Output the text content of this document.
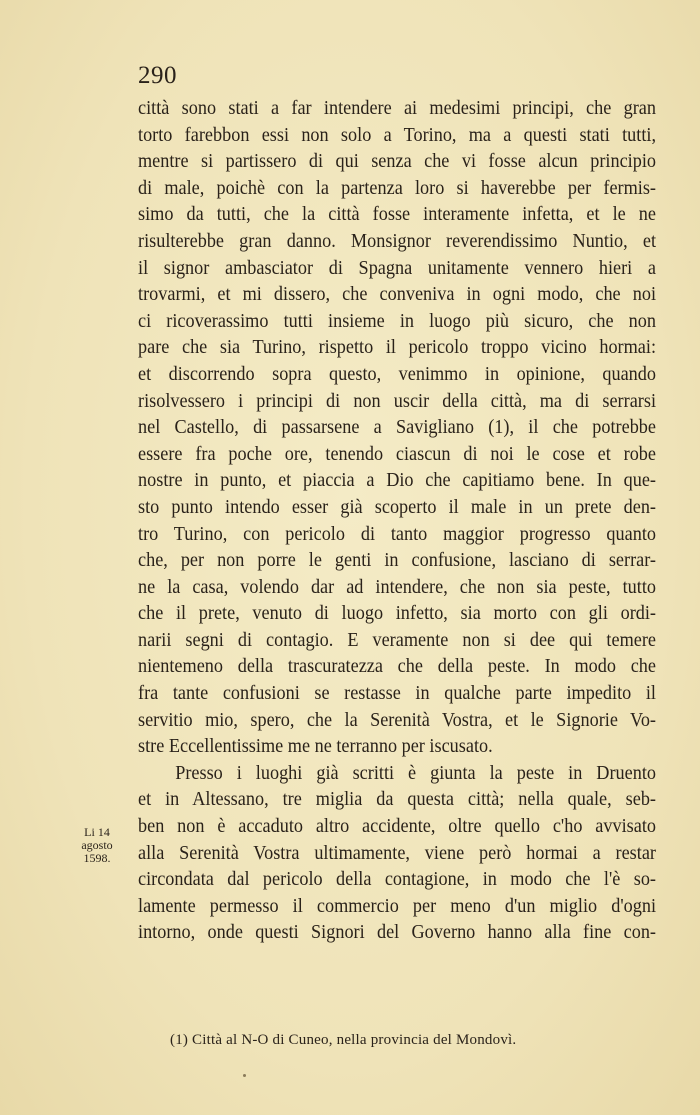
290
città sono stati a far intendere ai medesimi principi, che gran
torto farebbon essi non solo a Torino, ma a questi stati tutti,
mentre si partissero di qui senza che vi fosse alcun principio
di male, poichè con la partenza loro si haverebbe per fermis-
simo da tutti, che la città fosse interamente infetta, et le ne
risulterebbe gran danno. Monsignor reverendissimo Nuntio, et
il signor ambasciator di Spagna unitamente vennero hieri a
trovarmi, et mi dissero, che conveniva in ogni modo, che noi
ci ricoverassimo tutti insieme in luogo più sicuro, che non
pare che sia Turino, rispetto il pericolo troppo vicino hormai:
et discorrendo sopra questo, venimmo in opinione, quando
risolvessero i principi di non uscir della città, ma di serrarsi
nel Castello, di passarsene a Savigliano (1), il che potrebbe
essere fra poche ore, tenendo ciascun di noi le cose et robe
nostre in punto, et piaccia a Dio che capitiamo bene. In que-
sto punto intendo esser già scoperto il male in un prete den-
tro Turino, con pericolo di tanto maggior progresso quanto
che, per non porre le genti in confusione, lasciano di serrar-
ne la casa, volendo dar ad intendere, che non sia peste, tutto
che il prete, venuto di luogo infetto, sia morto con gli ordi-
narii segni di contagio. E veramente non si dee qui temere
nientemeno della trascuratezza che della peste. In modo che
fra tante confusioni se restasse in qualche parte impedito il
servitio mio, spero, che la Serenità Vostra, et le Signorie Vo-
stre Eccellentissime me ne terranno per iscusato.
Presso i luoghi già scritti è giunta la peste in Druento
et in Altessano, tre miglia da questa città; nella quale, seb-
ben non è accaduto altro accidente, oltre quello c'ho avvisato
alla Serenità Vostra ultimamente, viene però hormai a restar
circondata dal pericolo della contagione, in modo che l'è so-
lamente permesso il commercio per meno d'un miglio d'ogni
intorno, onde questi Signori del Governo hanno alla fine con-
Li 14
agosto
1598.
(1) Città al N-O di Cuneo, nella provincia del Mondovì.
